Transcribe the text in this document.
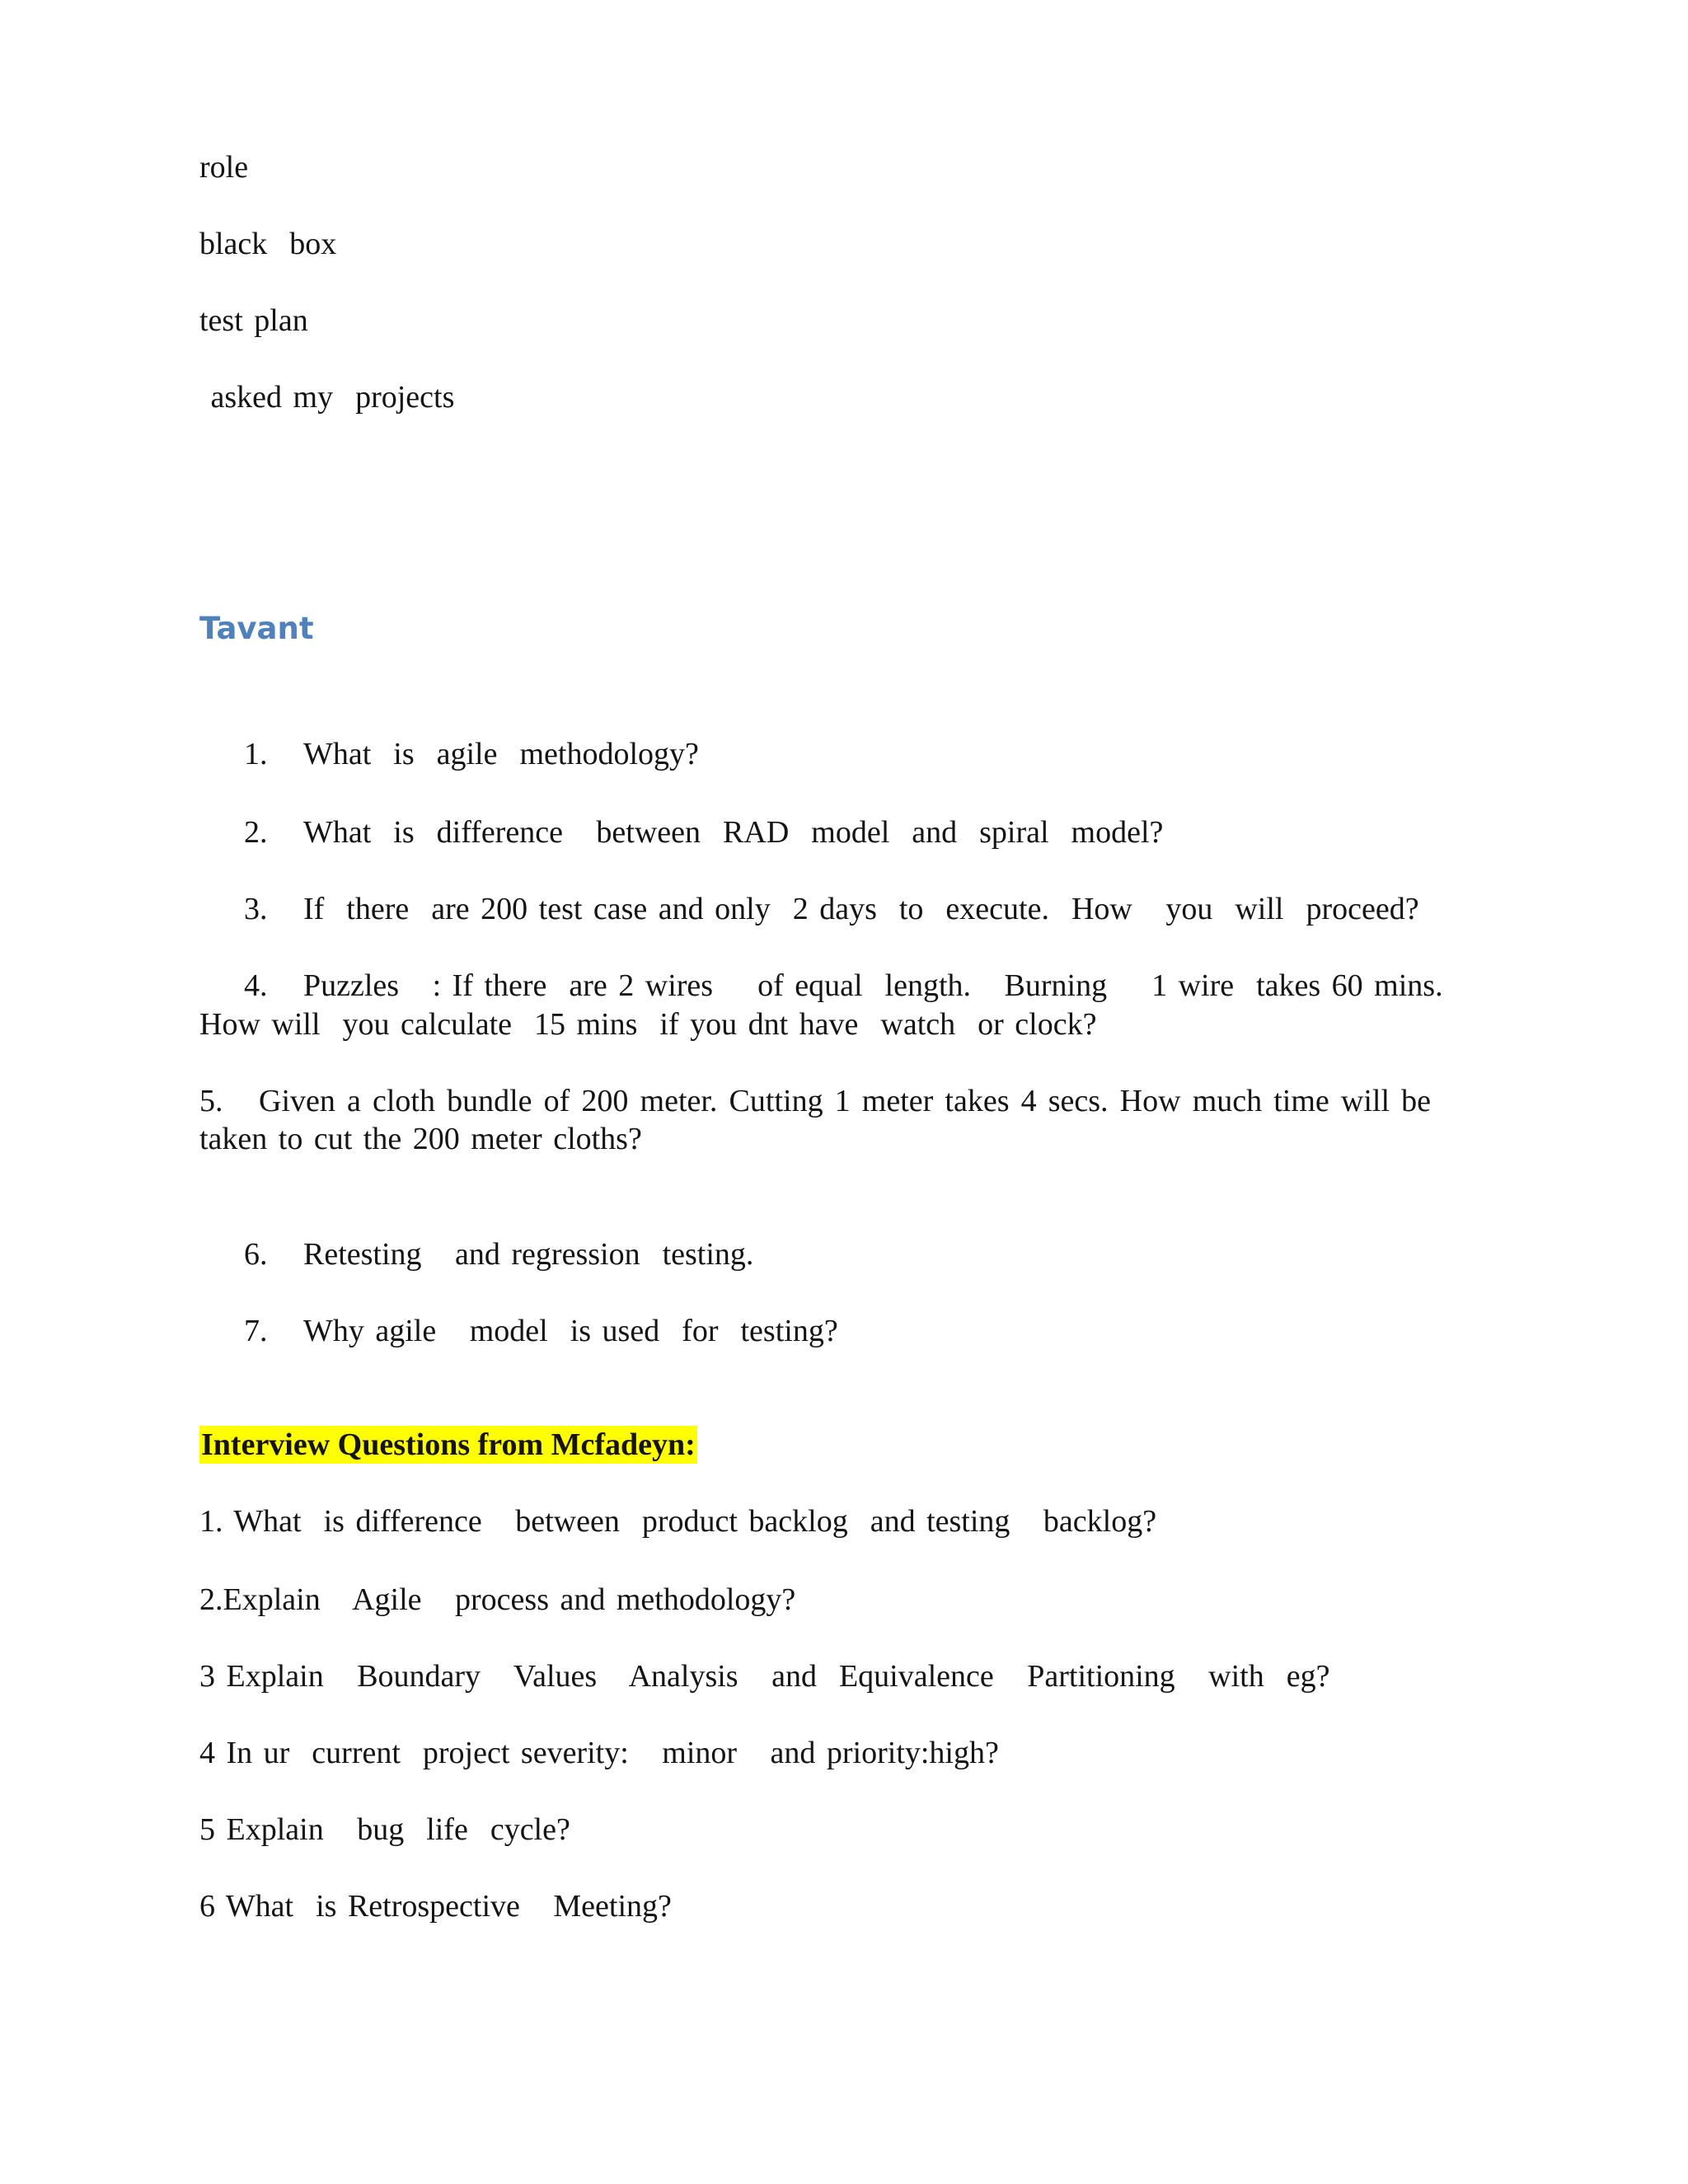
role
black  box
test plan
asked my  projects
Tavant

1. What  is  agile  methodology?

2. What  is  difference   between  RAD  model  and  spiral  model?

3. If  there  are 200 test case and only  2 days  to  execute.  How   you  will  proceed?

4. Puzzles   : If there  are 2 wires    of equal  length.   Burning    1 wire  takes 60 mins.

How will  you calculate  15 mins  if you dnt have  watch  or clock?
5. Given a cloth bundle of 200 meter. Cutting 1 meter takes 4 secs. How much time will be taken to cut the 200 meter cloths?

6. Retesting   and regression  testing.

7. Why agile   model  is used  for  testing?

Interview Questions from Mcfadeyn:
1. What  is difference   between  product backlog  and testing   backlog?
2.Explain   Agile   process and methodology?
3 Explain   Boundary   Values   Analysis   and  Equivalence   Partitioning   with  eg?
4 In ur  current  project severity:   minor   and priority:high?
5 Explain   bug  life  cycle?
6 What  is Retrospective   Meeting?
